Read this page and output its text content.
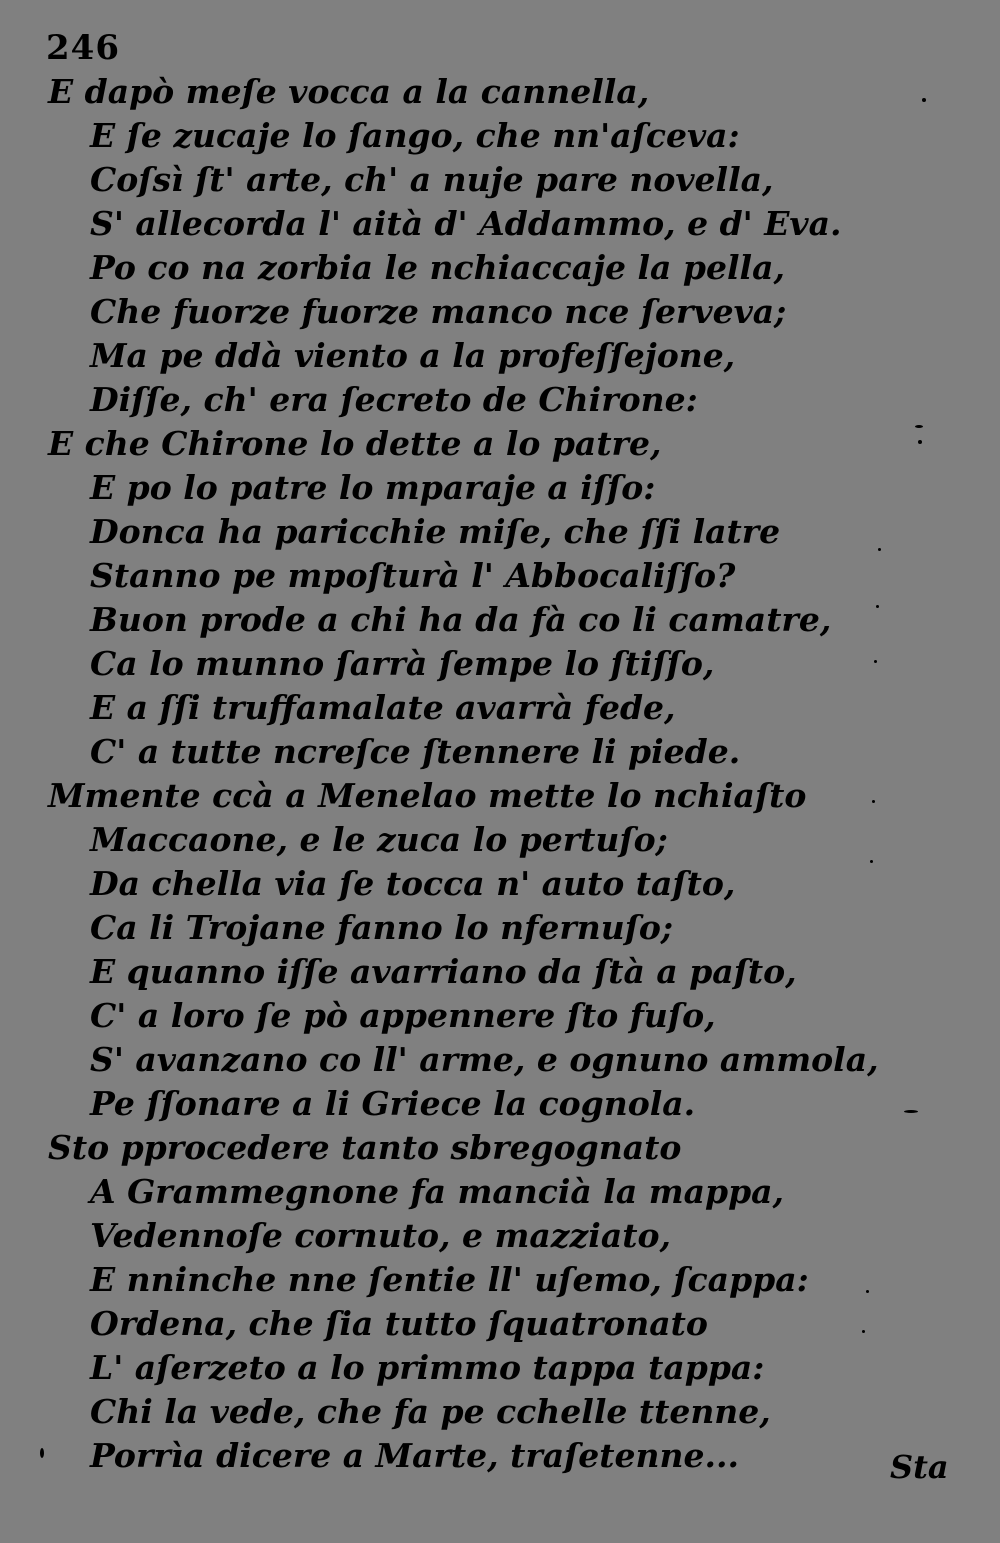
246
E dapò meſe vocca a la cannella,
E ſe zucaje lo ſango, che nn'aſceva:
Coſsì ſt' arte, ch' a nuje pare novella,
S' allecorda l' aità d' Addammo, e d' Eva.
Po co na zorbia le nchiaccaje la pella,
Che fuorze fuorze manco nce ſerveva;
Ma pe ddà viento a la profeſſejone,
Diſſe, ch' era ſecreto de Chirone:
E che Chirone lo dette a lo patre,
E po lo patre lo mparaje a iſſo:
Donca ha paricchie miſe, che ſſi latre
Stanno pe mpoſturà l' Abbocaliſſo?
Buon prode a chi ha da fà co li camatre,
Ca lo munno ſarrà ſempe lo ſtiſſo,
E a ſſi truffamalate avarrà fede,
C' a tutte ncreſce ſtennere li piede.
Mmente ccà a Menelao mette lo nchiaſto
Maccaone, e le zuca lo pertuſo;
Da chella via ſe tocca n' auto taſto,
Ca li Trojane fanno lo nfernuſo;
E quanno iſſe avarriano da ſtà a paſto,
C' a loro ſe pò appennere ſto fuſo,
S' avanzano co ll' arme, e ognuno ammola,
Pe ſſonare a li Griece la cognola.
Sto pprocedere tanto sbregognato
A Grammegnone fa mancià la mappa,
Vedennoſe cornuto, e mazziato,
E nninche nne ſentie ll' uſemo, ſcappa:
Ordena, che ſia tutto ſquatronato
L' aſerzeto a lo primmo tappa tappa:
Chi la vede, che fa pe cchelle ttenne,
Porrìa dicere a Marte, traſetenne...	Sta
